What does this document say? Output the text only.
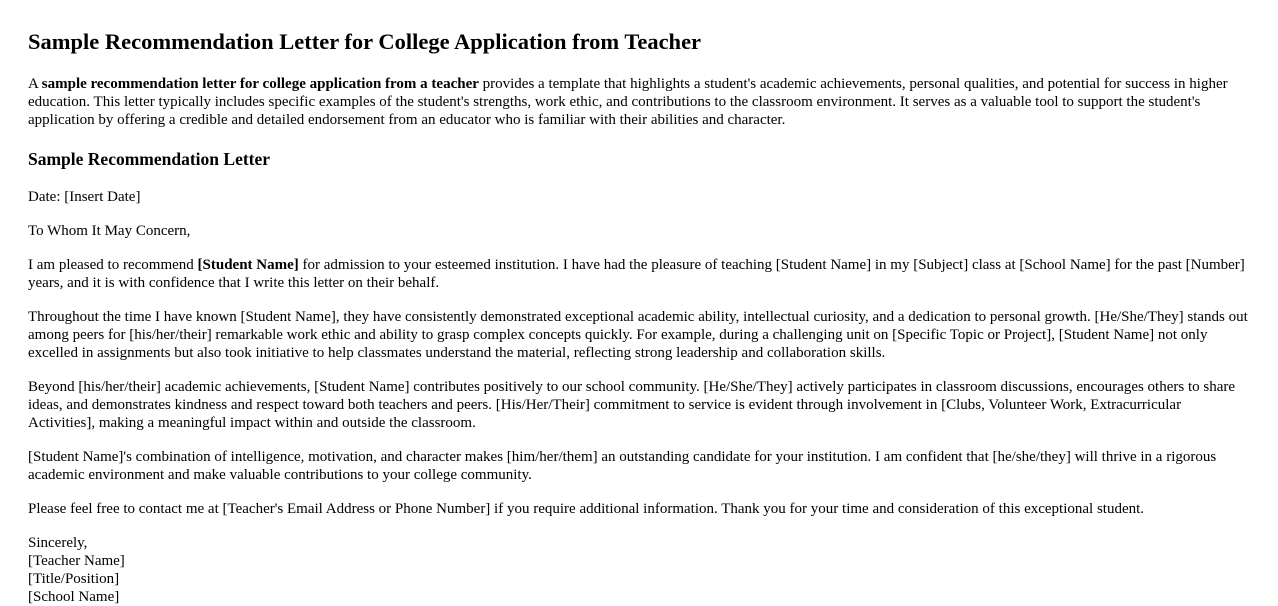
Sample Recommendation Letter for College Application from Teacher

A sample recommendation letter for college application from a teacher provides a template that highlights a student's academic achievements, personal qualities, and potential for success in higher education. This letter typically includes specific examples of the student's strengths, work ethic, and contributions to the classroom environment. It serves as a valuable tool to support the student's application by offering a credible and detailed endorsement from an educator who is familiar with their abilities and character.

Sample Recommendation Letter

Date: [Insert Date]

To Whom It May Concern,

I am pleased to recommend [Student Name] for admission to your esteemed institution. I have had the pleasure of teaching [Student Name] in my [Subject] class at [School Name] for the past [Number] years, and it is with confidence that I write this letter on their behalf.

Throughout the time I have known [Student Name], they have consistently demonstrated exceptional academic ability, intellectual curiosity, and a dedication to personal growth. [He/She/They] stands out among peers for [his/her/their] remarkable work ethic and ability to grasp complex concepts quickly. For example, during a challenging unit on [Specific Topic or Project], [Student Name] not only excelled in assignments but also took initiative to help classmates understand the material, reflecting strong leadership and collaboration skills.

Beyond [his/her/their] academic achievements, [Student Name] contributes positively to our school community. [He/She/They] actively participates in classroom discussions, encourages others to share ideas, and demonstrates kindness and respect toward both teachers and peers. [His/Her/Their] commitment to service is evident through involvement in [Clubs, Volunteer Work, Extracurricular Activities], making a meaningful impact within and outside the classroom.

[Student Name]'s combination of intelligence, motivation, and character makes [him/her/them] an outstanding candidate for your institution. I am confident that [he/she/they] will thrive in a rigorous academic environment and make valuable contributions to your college community.

Please feel free to contact me at [Teacher's Email Address or Phone Number] if you require additional information. Thank you for your time and consideration of this exceptional student.

Sincerely,
[Teacher Name]
[Title/Position]
[School Name]
